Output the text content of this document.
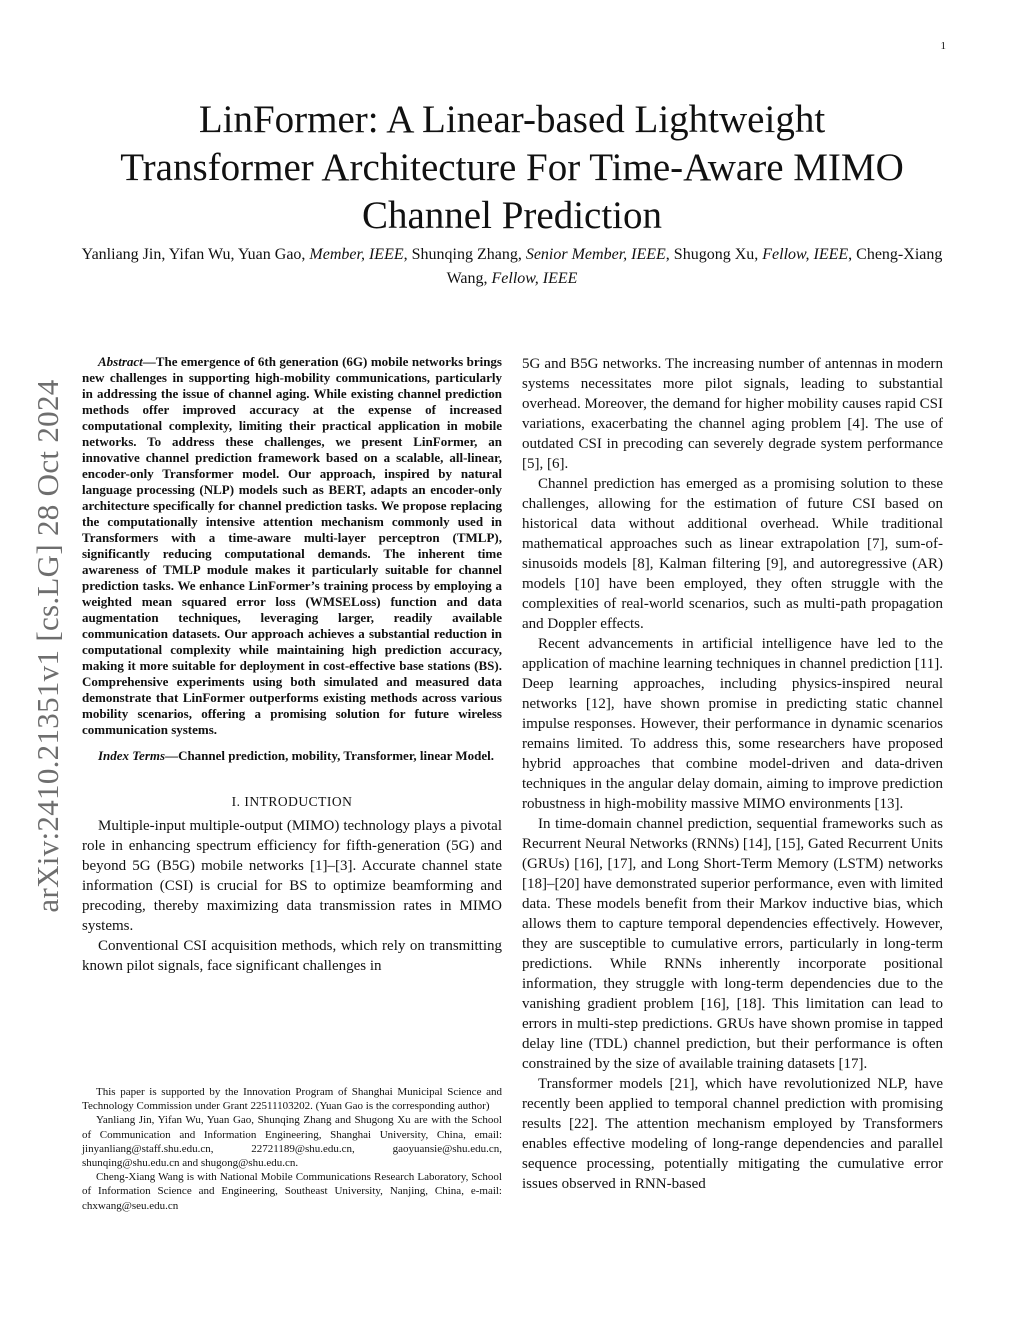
1
arXiv:2410.21351v1 [cs.LG] 28 Oct 2024
LinFormer: A Linear-based Lightweight
Transformer Architecture For Time-Aware MIMO
Channel Prediction
Yanliang Jin, Yifan Wu, Yuan Gao, Member, IEEE, Shunqing Zhang, Senior Member, IEEE, Shugong Xu, Fellow, IEEE, Cheng-Xiang Wang, Fellow, IEEE

Abstract—The emergence of 6th generation (6G) mobile networks brings new challenges in supporting high-mobility communications, particularly in addressing the issue of channel aging. While existing channel prediction methods offer improved accuracy at the expense of increased computational complexity, limiting their practical application in mobile networks. To address these challenges, we present LinFormer, an innovative channel prediction framework based on a scalable, all-linear, encoder-only Transformer model. Our approach, inspired by natural language processing (NLP) models such as BERT, adapts an encoder-only architecture specifically for channel prediction tasks. We propose replacing the computationally intensive attention mechanism commonly used in Transformers with a time-aware multi-layer perceptron (TMLP), significantly reducing computational demands. The inherent time awareness of TMLP module makes it particularly suitable for channel prediction tasks. We enhance LinFormer’s training process by employing a weighted mean squared error loss (WMSELoss) function and data augmentation techniques, leveraging larger, readily available communication datasets. Our approach achieves a substantial reduction in computational complexity while maintaining high prediction accuracy, making it more suitable for deployment in cost-effective base stations (BS). Comprehensive experiments using both simulated and measured data demonstrate that LinFormer outperforms existing methods across various mobility scenarios, offering a promising solution for future wireless communication systems.

Index Terms—Channel prediction, mobility, Transformer, linear Model.

I. INTRODUCTION

Multiple-input multiple-output (MIMO) technology plays a pivotal role in enhancing spectrum efficiency for fifth-generation (5G) and beyond 5G (B5G) mobile networks [1]–[3]. Accurate channel state information (CSI) is crucial for BS to optimize beamforming and precoding, thereby maximizing data transmission rates in MIMO systems.

Conventional CSI acquisition methods, which rely on transmitting known pilot signals, face significant challenges in

This paper is supported by the Innovation Program of Shanghai Municipal Science and Technology Commission under Grant 22511103202. (Yuan Gao is the corresponding author)

Yanliang Jin, Yifan Wu, Yuan Gao, Shunqing Zhang and Shugong Xu are with the School of Communication and Information Engineering, Shanghai University, China, email: jinyanliang@staff.shu.edu.cn, 22721189@shu.edu.cn, gaoyuansie@shu.edu.cn, shunqing@shu.edu.cn and shugong@shu.edu.cn.

Cheng-Xiang Wang is with National Mobile Communications Research Laboratory, School of Information Science and Engineering, Southeast University, Nanjing, China, e-mail: chxwang@seu.edu.cn

5G and B5G networks. The increasing number of antennas in modern systems necessitates more pilot signals, leading to substantial overhead. Moreover, the demand for higher mobility causes rapid CSI variations, exacerbating the channel aging problem [4]. The use of outdated CSI in precoding can severely degrade system performance [5], [6].

Channel prediction has emerged as a promising solution to these challenges, allowing for the estimation of future CSI based on historical data without additional overhead. While traditional mathematical approaches such as linear extrapolation [7], sum-of-sinusoids models [8], Kalman filtering [9], and autoregressive (AR) models [10] have been employed, they often struggle with the complexities of real-world scenarios, such as multi-path propagation and Doppler effects.

Recent advancements in artificial intelligence have led to the application of machine learning techniques in channel prediction [11]. Deep learning approaches, including physics-inspired neural networks [12], have shown promise in predicting static channel impulse responses. However, their performance in dynamic scenarios remains limited. To address this, some researchers have proposed hybrid approaches that combine model-driven and data-driven techniques in the angular delay domain, aiming to improve prediction robustness in high-mobility massive MIMO environments [13].

In time-domain channel prediction, sequential frameworks such as Recurrent Neural Networks (RNNs) [14], [15], Gated Recurrent Units (GRUs) [16], [17], and Long Short-Term Memory (LSTM) networks [18]–[20] have demonstrated superior performance, even with limited data. These models benefit from their Markov inductive bias, which allows them to capture temporal dependencies effectively. However, they are susceptible to cumulative errors, particularly in long-term predictions. While RNNs inherently incorporate positional information, they struggle with long-term dependencies due to the vanishing gradient problem [16], [18]. This limitation can lead to errors in multi-step predictions. GRUs have shown promise in tapped delay line (TDL) channel prediction, but their performance is often constrained by the size of available training datasets [17].

Transformer models [21], which have revolutionized NLP, have recently been applied to temporal channel prediction with promising results [22]. The attention mechanism employed by Transformers enables effective modeling of long-range dependencies and parallel sequence processing, potentially mitigating the cumulative error issues observed in RNN-based
